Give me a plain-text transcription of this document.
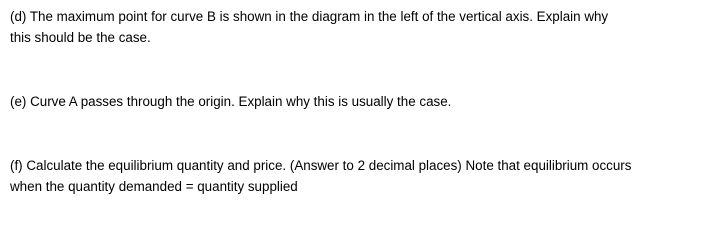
(d) The maximum point for curve B is shown in the diagram in the left of the vertical axis. Explain why
this should be the case.

(e) Curve A passes through the origin. Explain why this is usually the case.

(f) Calculate the equilibrium quantity and price. (Answer to 2 decimal places) Note that equilibrium occurs
when the quantity demanded = quantity supplied
